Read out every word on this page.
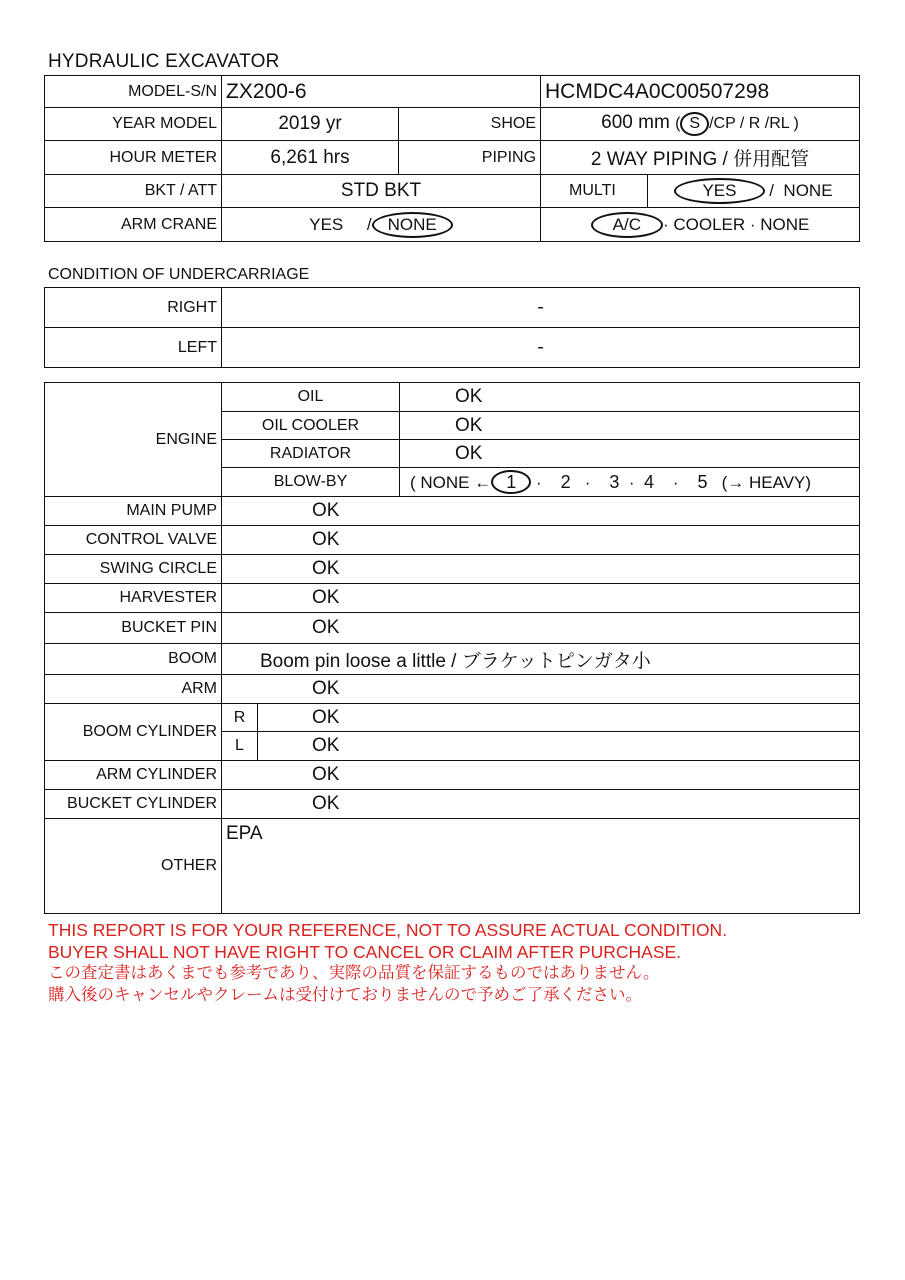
HYDRAULIC EXCAVATOR
MODEL-S/N	ZX200-6		HCMDC4A0C00507298	
YEAR MODEL	2019 yr	SHOE	600 mm ( S /CP / R /RL )	
HOUR METER	6,261 hrs	PIPING	2 WAY PIPING / 併用配管	
BKT / ATT	STD BKT		MULTI	YES / NONE
ARM CRANE	YES / NONE		A/C · COOLER · NONE	
CONDITION OF UNDERCARRIAGE
RIGHT	-
LEFT	-
ENGINE	OIL		OK
	OIL COOLER		OK
	RADIATOR		OK
	BLOW-BY		( NONE ← 1 · 2 · 3 · 4 · 5 (→ HEAVY)
MAIN PUMP	OK		
CONTROL VALVE	OK		
SWING CIRCLE	OK		
HARVESTER	OK		
BUCKET PIN	OK		
BOOM	Boom pin loose a little / ブラケットピンガタ小		
ARM	OK		
BOOM CYLINDER	R	OK	
	L	OK	
ARM CYLINDER	OK		
BUCKET CYLINDER	OK		
OTHER	EPA		
THIS REPORT IS FOR YOUR REFERENCE, NOT TO ASSURE ACTUAL CONDITION.
BUYER SHALL NOT HAVE RIGHT TO CANCEL OR CLAIM AFTER PURCHASE.
この査定書はあくまでも参考であり、実際の品質を保証するものではありません。
購入後のキャンセルやクレームは受付けておりませんので予めご了承ください。
